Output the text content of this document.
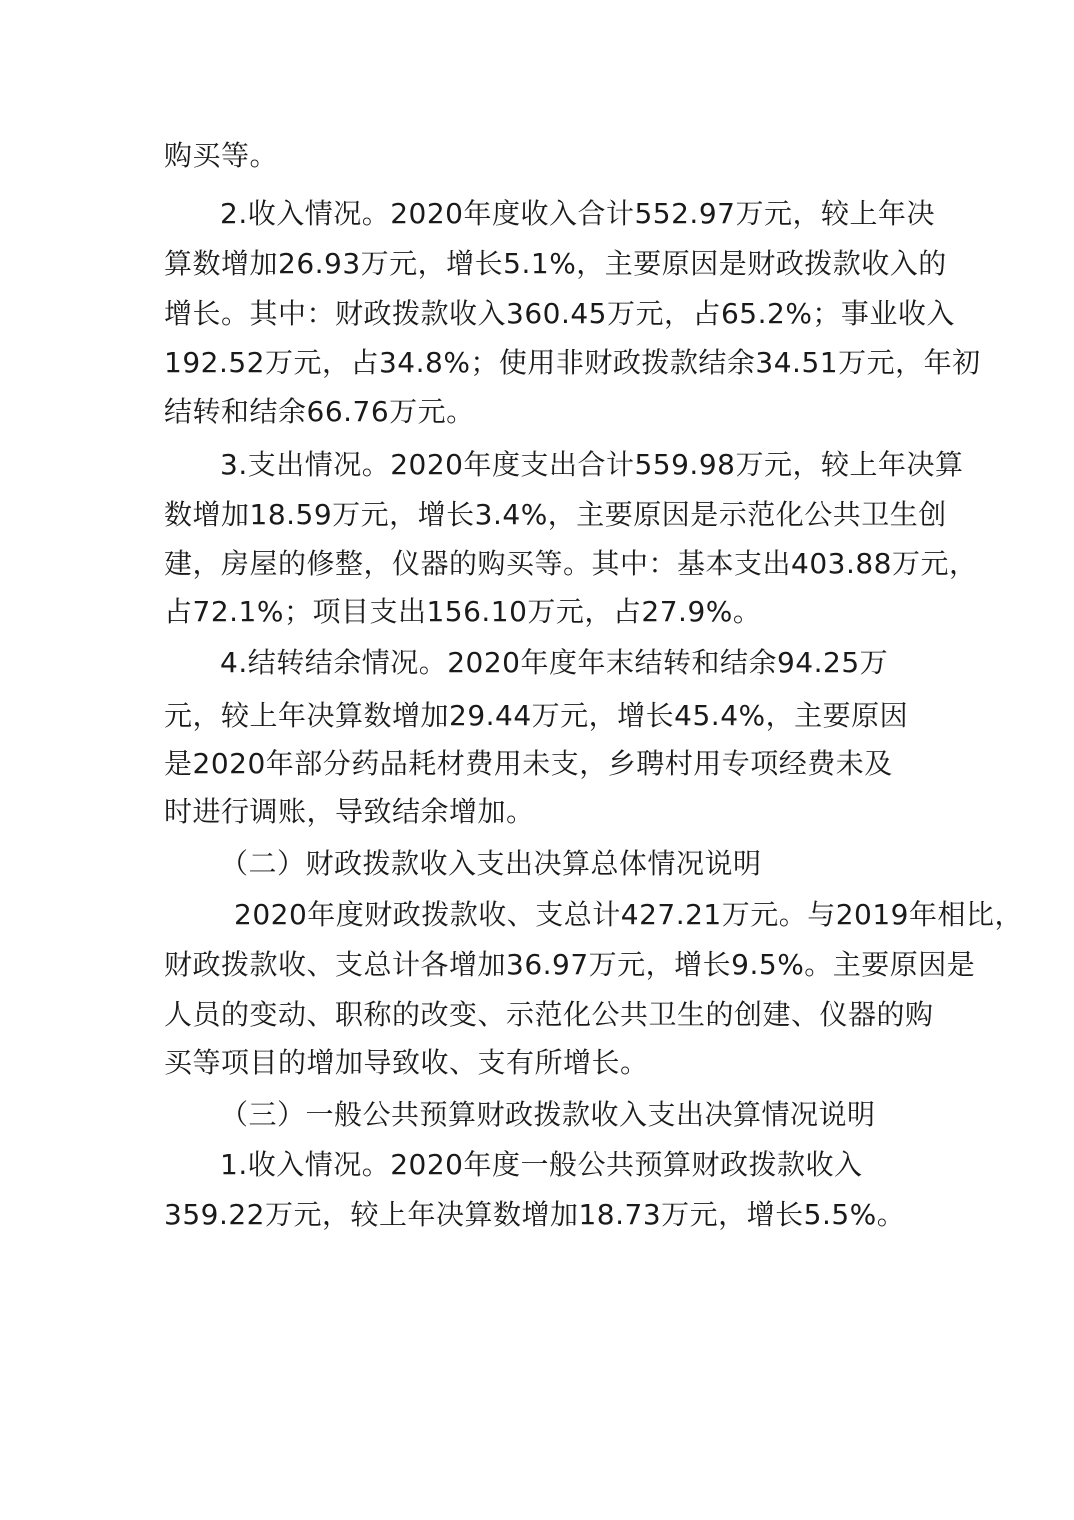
购买等。
2.收入情况。2020年度收入合计552.97万元，较上年决
算数增加26.93万元，增长5.1%，主要原因是财政拨款收入的
增长。其中：财政拨款收入360.45万元，占65.2%；事业收入
192.52万元，占34.8%；使用非财政拨款结余34.51万元，年初
结转和结余66.76万元。
3.支出情况。2020年度支出合计559.98万元，较上年决算
数增加18.59万元，增长3.4%，主要原因是示范化公共卫生创
建，房屋的修整，仪器的购买等。其中：基本支出403.88万元，
占72.1%；项目支出156.10万元，占27.9%。
4.结转结余情况。2020年度年末结转和结余94.25万
元，较上年决算数增加29.44万元，增长45.4%，主要原因
是2020年部分药品耗材费用未支，乡聘村用专项经费未及
时进行调账，导致结余增加。
（二）财政拨款收入支出决算总体情况说明
2020年度财政拨款收、支总计427.21万元。与2019年相比，
财政拨款收、支总计各增加36.97万元，增长9.5%。主要原因是
人员的变动、职称的改变、示范化公共卫生的创建、仪器的购
买等项目的增加导致收、支有所增长。
（三）一般公共预算财政拨款收入支出决算情况说明
1.收入情况。2020年度一般公共预算财政拨款收入
359.22万元，较上年决算数增加18.73万元，增长5.5%。
